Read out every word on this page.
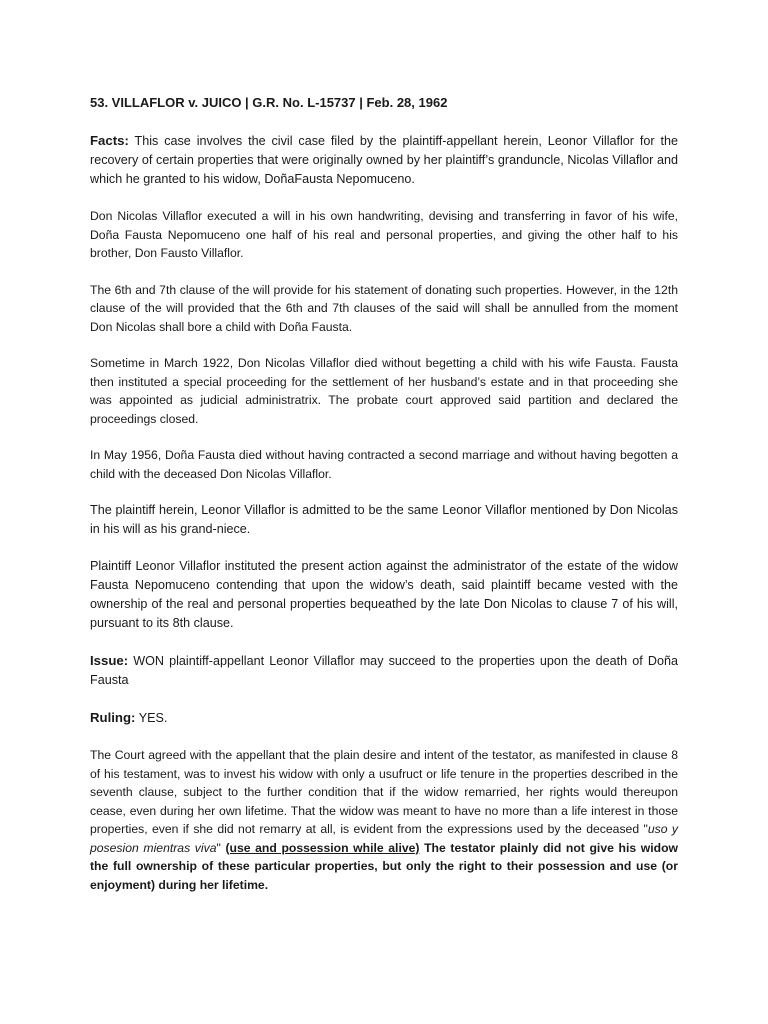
53. VILLAFLOR v. JUICO | G.R. No. L-15737 | Feb. 28, 1962

Facts: This case involves the civil case filed by the plaintiff-appellant herein, Leonor Villaflor for the recovery of certain properties that were originally owned by her plaintiff’s granduncle, Nicolas Villaflor and which he granted to his widow, DoñaFausta Nepomuceno.

Don Nicolas Villaflor executed a will in his own handwriting, devising and transferring in favor of his wife, Doña Fausta Nepomuceno one half of his real and personal properties, and giving the other half to his brother, Don Fausto Villaflor.

The 6th and 7th clause of the will provide for his statement of donating such properties. However, in the 12th clause of the will provided that the 6th and 7th clauses of the said will shall be annulled from the moment Don Nicolas shall bore a child with Doña Fausta.

Sometime in March 1922, Don Nicolas Villaflor died without begetting a child with his wife Fausta. Fausta then instituted a special proceeding for the settlement of her husband’s estate and in that proceeding she was appointed as judicial administratrix. The probate court approved said partition and declared the proceedings closed.

In May 1956, Doña Fausta died without having contracted a second marriage and without having begotten a child with the deceased Don Nicolas Villaflor.

The plaintiff herein, Leonor Villaflor is admitted to be the same Leonor Villaflor mentioned by Don Nicolas in his will as his grand-niece.

Plaintiff Leonor Villaflor instituted the present action against the administrator of the estate of the widow Fausta Nepomuceno contending that upon the widow’s death, said plaintiff became vested with the ownership of the real and personal properties bequeathed by the late Don Nicolas to clause 7 of his will, pursuant to its 8th clause.

Issue: WON plaintiff-appellant Leonor Villaflor may succeed to the properties upon the death of Doña Fausta

Ruling: YES.

The Court agreed with the appellant that the plain desire and intent of the testator, as manifested in clause 8 of his testament, was to invest his widow with only a usufruct or life tenure in the properties described in the seventh clause, subject to the further condition that if the widow remarried, her rights would thereupon cease, even during her own lifetime. That the widow was meant to have no more than a life interest in those properties, even if she did not remarry at all, is evident from the expressions used by the deceased "uso y posesion mientras viva" (use and possession while alive) The testator plainly did not give his widow the full ownership of these particular properties, but only the right to their possession and use (or enjoyment) during her lifetime.
